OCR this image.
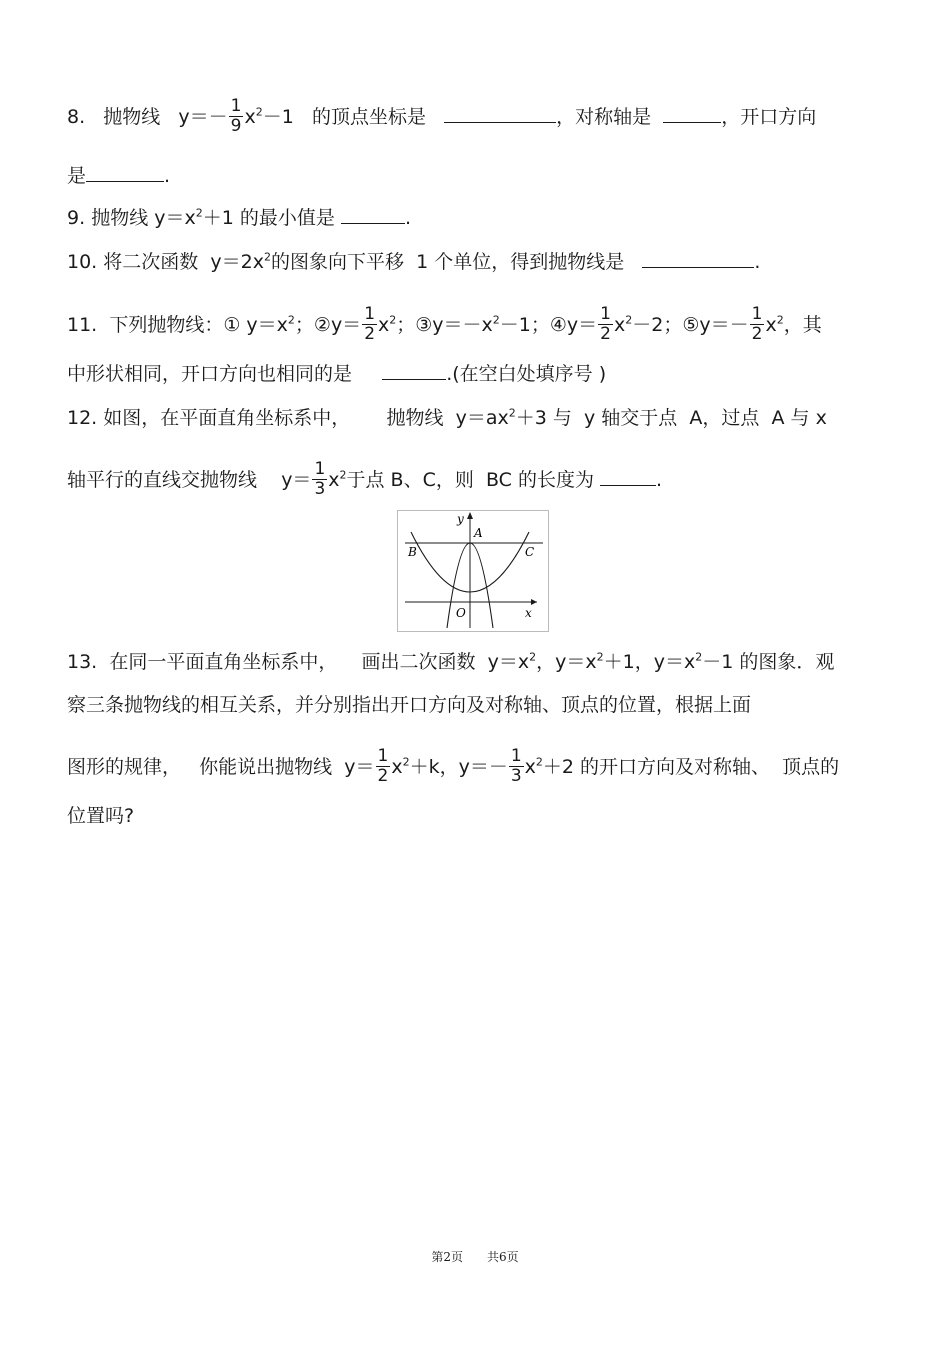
8. 抛物线 $y=- \frac{1}{9} x^2-1$ 的顶点坐标是	，对称轴是	，开口方向
是	.
9. 抛物线 $y=x^2+1$ 的最小值是	.
10. 将二次函数 $y=2x^2$的图象向下平移 1 个单位，得到抛物线是	.
11. 下列抛物线：① $y=x^2$；②y＝ $\frac{1}{2} x^2$；$③y=-x^2-1$；④y＝ $\frac{1}{2} x^2-2$；⑤y＝－ $\frac{1}{2} x^2$，其
中形状相同，开口方向也相同的是	.(在空白处填序号 )
12. 如图，在平面直角坐标系中， 抛物线 $y=ax^2+3$ 与 y 轴交于点 A，过点 A 与 x
轴平行的直线交抛物线 $y= \frac{1}{3} x^2$于点 B、C，则 BC 的长度为	.
y
A
B	C
O	x
13. 在同一平面直角坐标系中， 画出二次函数 $y=x^2$，$y=x^2+1$，$y=x^2-1$ 的图象．观
察三条抛物线的相互关系，并分别指出开口方向及对称轴、顶点的位置，根据上面
图形的规律， 你能说出抛物线 $y= \frac{1}{2} x^2+k$，$y=- \frac{1}{3} x^2+2$ 的开口方向及对称轴、 顶点的
位置吗?
第2页 共6页
